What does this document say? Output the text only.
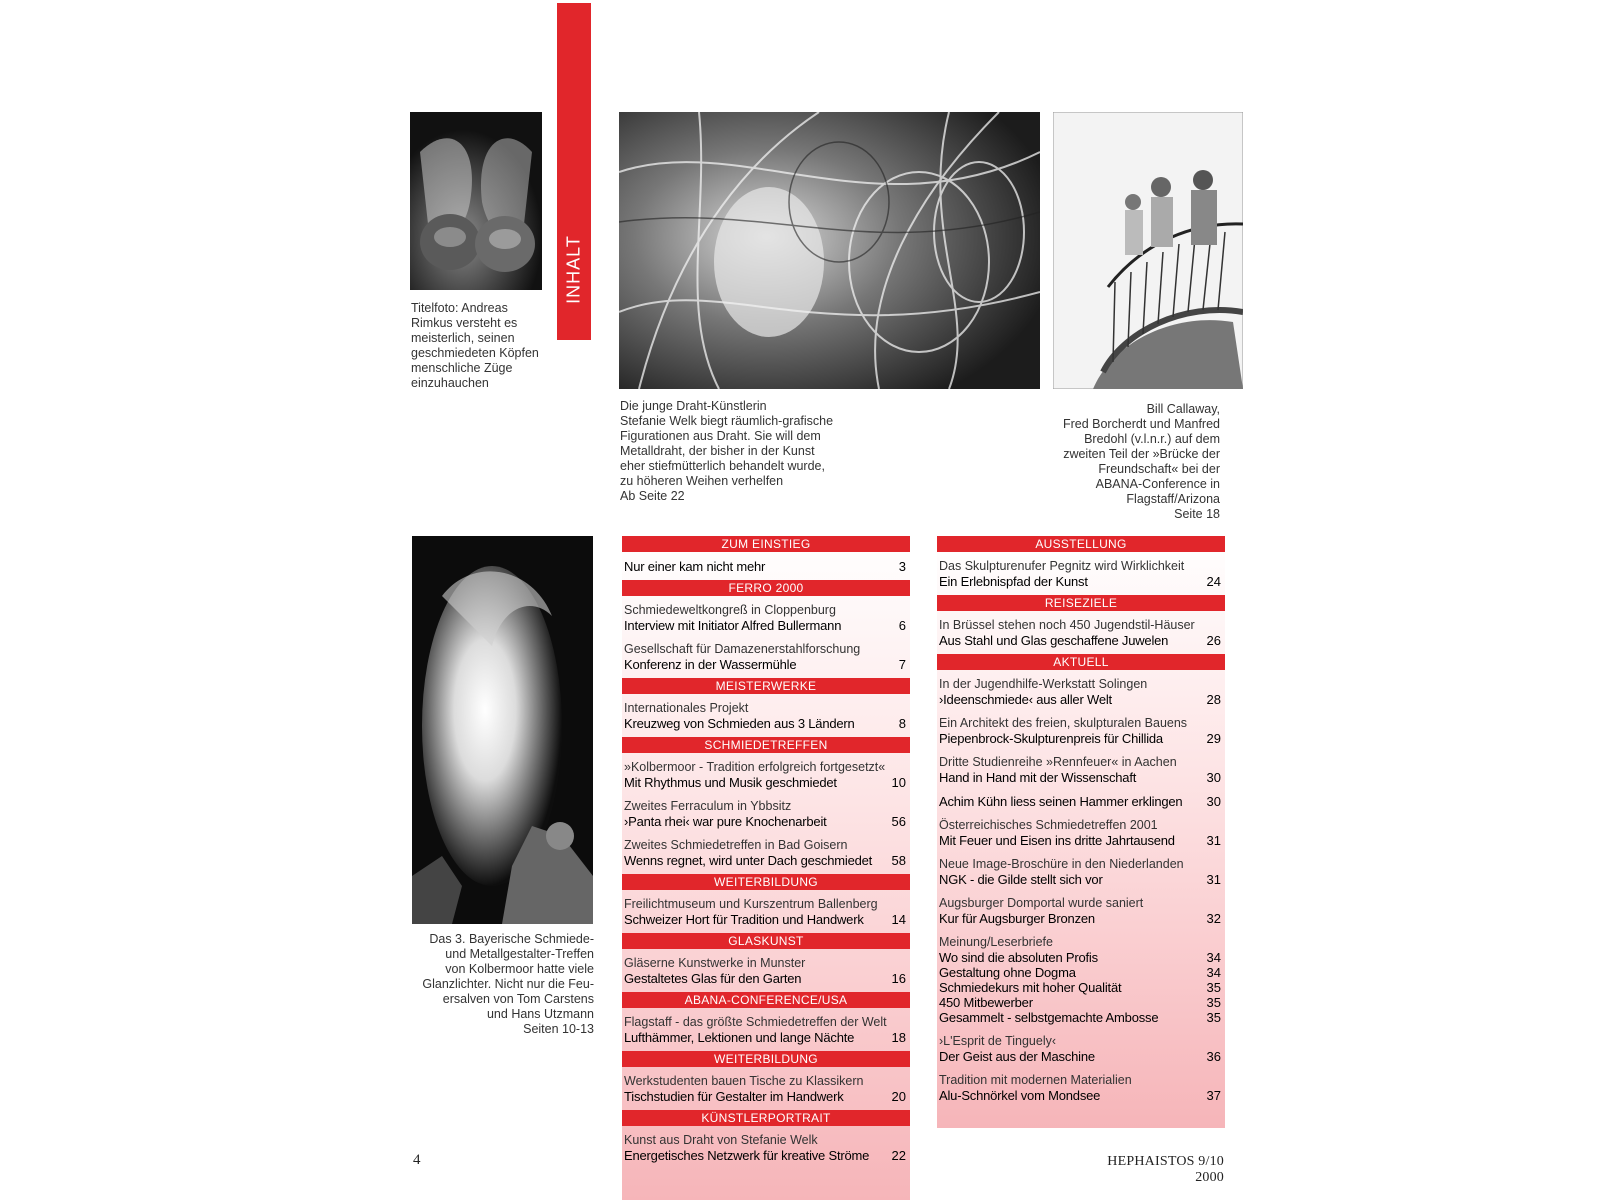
Titelfoto: Andreas
Rimkus versteht es
meisterlich, seinen
geschmiedeten Köpfen
menschliche Züge
einzuhauchen
INHALT
Die junge Draht-Künstlerin
Stefanie Welk biegt räumlich-grafische
Figurationen aus Draht. Sie will dem
Metalldraht, der bisher in der Kunst
eher stiefmütterlich behandelt wurde,
zu höheren Weihen verhelfen
Ab Seite 22
Bill Callaway,
Fred Borcherdt und Manfred
Bredohl (v.l.n.r.) auf dem
zweiten Teil der »Brücke der
Freundschaft« bei der
ABANA-Conference in
Flagstaff/Arizona
Seite 18
Das 3. Bayerische Schmiede-
und Metallgestalter-Treffen
von Kolbermoor hatte viele
Glanzlichter. Nicht nur die Feu-
ersalven von Tom Carstens
und Hans Utzmann
Seiten 10-13
ZUM EINSTIEG
Nur einer kam nicht mehr	3
FERRO 2000
Schmiedeweltkongreß in Cloppenburg
Interview mit Initiator Alfred Bullermann	6
Gesellschaft für Damazenerstahlforschung
Konferenz in der Wassermühle	7
MEISTERWERKE
Internationales Projekt
Kreuzweg von Schmieden aus 3 Ländern	8
SCHMIEDETREFFEN
»Kolbermoor - Tradition erfolgreich fortgesetzt«
Mit Rhythmus und Musik geschmiedet	10
Zweites Ferraculum in Ybbsitz
›Panta rhei‹ war pure Knochenarbeit	56
Zweites Schmiedetreffen in Bad Goisern
Wenns regnet, wird unter Dach geschmiedet 58
WEITERBILDUNG
Freilichtmuseum und Kurszentrum Ballenberg
Schweizer Hort für Tradition und Handwerk 14
GLASKUNST
Gläserne Kunstwerke in Munster
Gestaltetes Glas für den Garten	16
ABANA-CONFERENCE/USA
Flagstaff - das größte Schmiedetreffen der Welt
Lufthämmer, Lektionen und lange Nächte	18
WEITERBILDUNG
Werkstudenten bauen Tische zu Klassikern
Tischstudien für Gestalter im Handwerk	20
KÜNSTLERPORTRAIT
Kunst aus Draht von Stefanie Welk
Energetisches Netzwerk für kreative Ströme 22
AUSSTELLUNG
Das Skulpturenufer Pegnitz wird Wirklichkeit
Ein Erlebnispfad der Kunst	24
REISEZIELE
In Brüssel stehen noch 450 Jugendstil-Häuser
Aus Stahl und Glas geschaffene Juwelen	26
AKTUELL
In der Jugendhilfe-Werkstatt Solingen
›Ideenschmiede‹ aus aller Welt	28
Ein Architekt des freien, skulpturalen Bauens
Piepenbrock-Skulpturenpreis für Chillida	29
Dritte Studienreihe »Rennfeuer« in Aachen
Hand in Hand mit der Wissenschaft	30
Achim Kühn liess seinen Hammer erklingen 30
Österreichisches Schmiedetreffen 2001
Mit Feuer und Eisen ins dritte Jahrtausend 31
Neue Image-Broschüre in den Niederlanden
NGK - die Gilde stellt sich vor	31
Augsburger Domportal wurde saniert
Kur für Augsburger Bronzen	32
Meinung/Leserbriefe
Wo sind die absoluten Profis	34
Gestaltung ohne Dogma	34
Schmiedekurs mit hoher Qualität	35
450 Mitbewerber	35
Gesammelt - selbstgemachte Ambosse	35
›L'Esprit de Tinguely‹
Der Geist aus der Maschine	36
Tradition mit modernen Materialien
Alu-Schnörkel vom Mondsee	37
4	HEPHAISTOS 9/10 2000
